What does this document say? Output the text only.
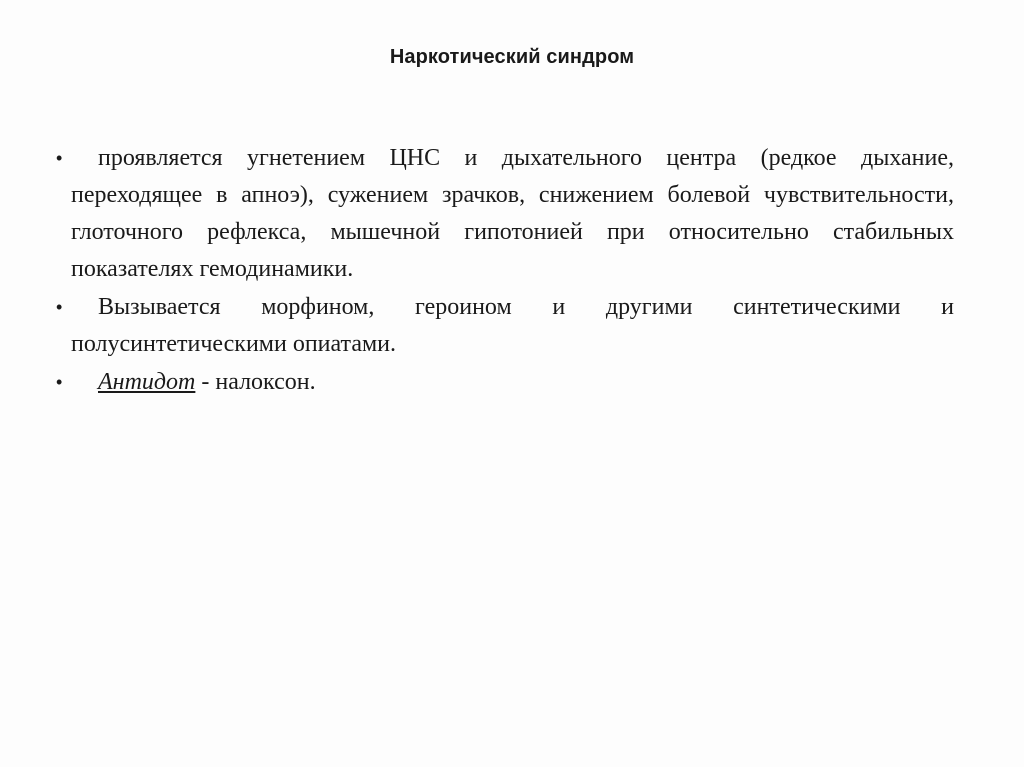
Наркотический синдром
•	проявляется угнетением ЦНС и дыхательного центра (редкое дыхание, переходящее в апноэ), сужением зрачков, снижением болевой чувствительности, глоточного рефлекса, мышечной гипотонией при относительно стабильных показателях гемодинамики.
•	Вызывается морфином, героином и другими синтетическими и полусинтетическими опиатами.
•	Антидот - налоксон.
